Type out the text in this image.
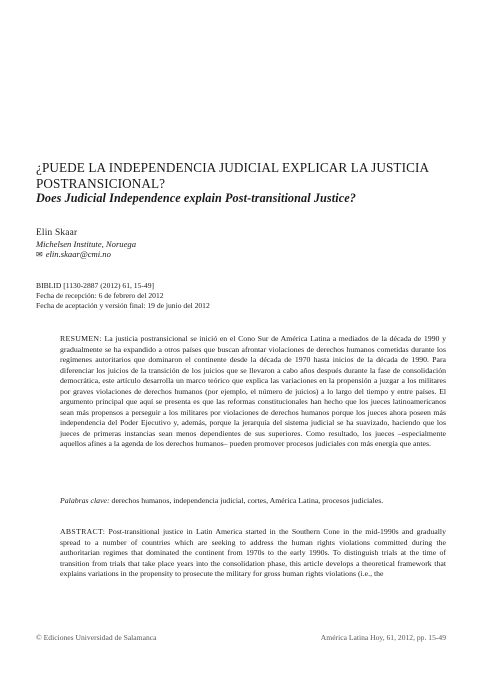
¿PUEDE LA INDEPENDENCIA JUDICIAL EXPLICAR LA JUSTICIA POSTRANSICIONAL?
Does Judicial Independence explain Post-transitional Justice?
Elin Skaar
Michelsen Institute, Noruega
✉ elin.skaar@cmi.no
BIBLID [1130-2887 (2012) 61, 15-49]
Fecha de recepción: 6 de febrero del 2012
Fecha de aceptación y versión final: 19 de junio del 2012

RESUMEN: La justicia postransicional se inició en el Cono Sur de América Latina a mediados de la década de 1990 y gradualmente se ha expandido a otros países que buscan afrontar violaciones de derechos humanos cometidas durante los regímenes autoritarios que dominaron el continente desde la década de 1970 hasta inicios de la década de 1990. Para diferenciar los juicios de la transición de los juicios que se llevaron a cabo años después durante la fase de consolidación democrática, este artículo desarrolla un marco teórico que explica las variaciones en la propensión a juzgar a los militares por graves violaciones de derechos humanos (por ejemplo, el número de juicios) a lo largo del tiempo y entre países. El argumento principal que aquí se presenta es que las reformas constitucionales han hecho que los jueces latinoamericanos sean más propensos a perseguir a los militares por violaciones de derechos humanos porque los jueces ahora poseen más independencia del Poder Ejecutivo y, además, porque la jerarquía del sistema judicial se ha suavizado, haciendo que los jueces de primeras instancias sean menos dependientes de sus superiores. Como resultado, los jueces –especialmente aquellos afines a la agenda de los derechos humanos– pueden promover procesos judiciales con más energía que antes.

Palabras clave: derechos humanos, independencia judicial, cortes, América Latina, procesos judiciales.

ABSTRACT: Post-transitional justice in Latin America started in the Southern Cone in the mid-1990s and gradually spread to a number of countries which are seeking to address the human rights violations committed during the authoritarian regimes that dominated the continent from 1970s to the early 1990s. To distinguish trials at the time of transition from trials that take place years into the consolidation phase, this article develops a theoretical framework that explains variations in the propensity to prosecute the military for gross human rights violations (i.e., the

© Ediciones Universidad de Salamanca	América Latina Hoy, 61, 2012, pp. 15-49
